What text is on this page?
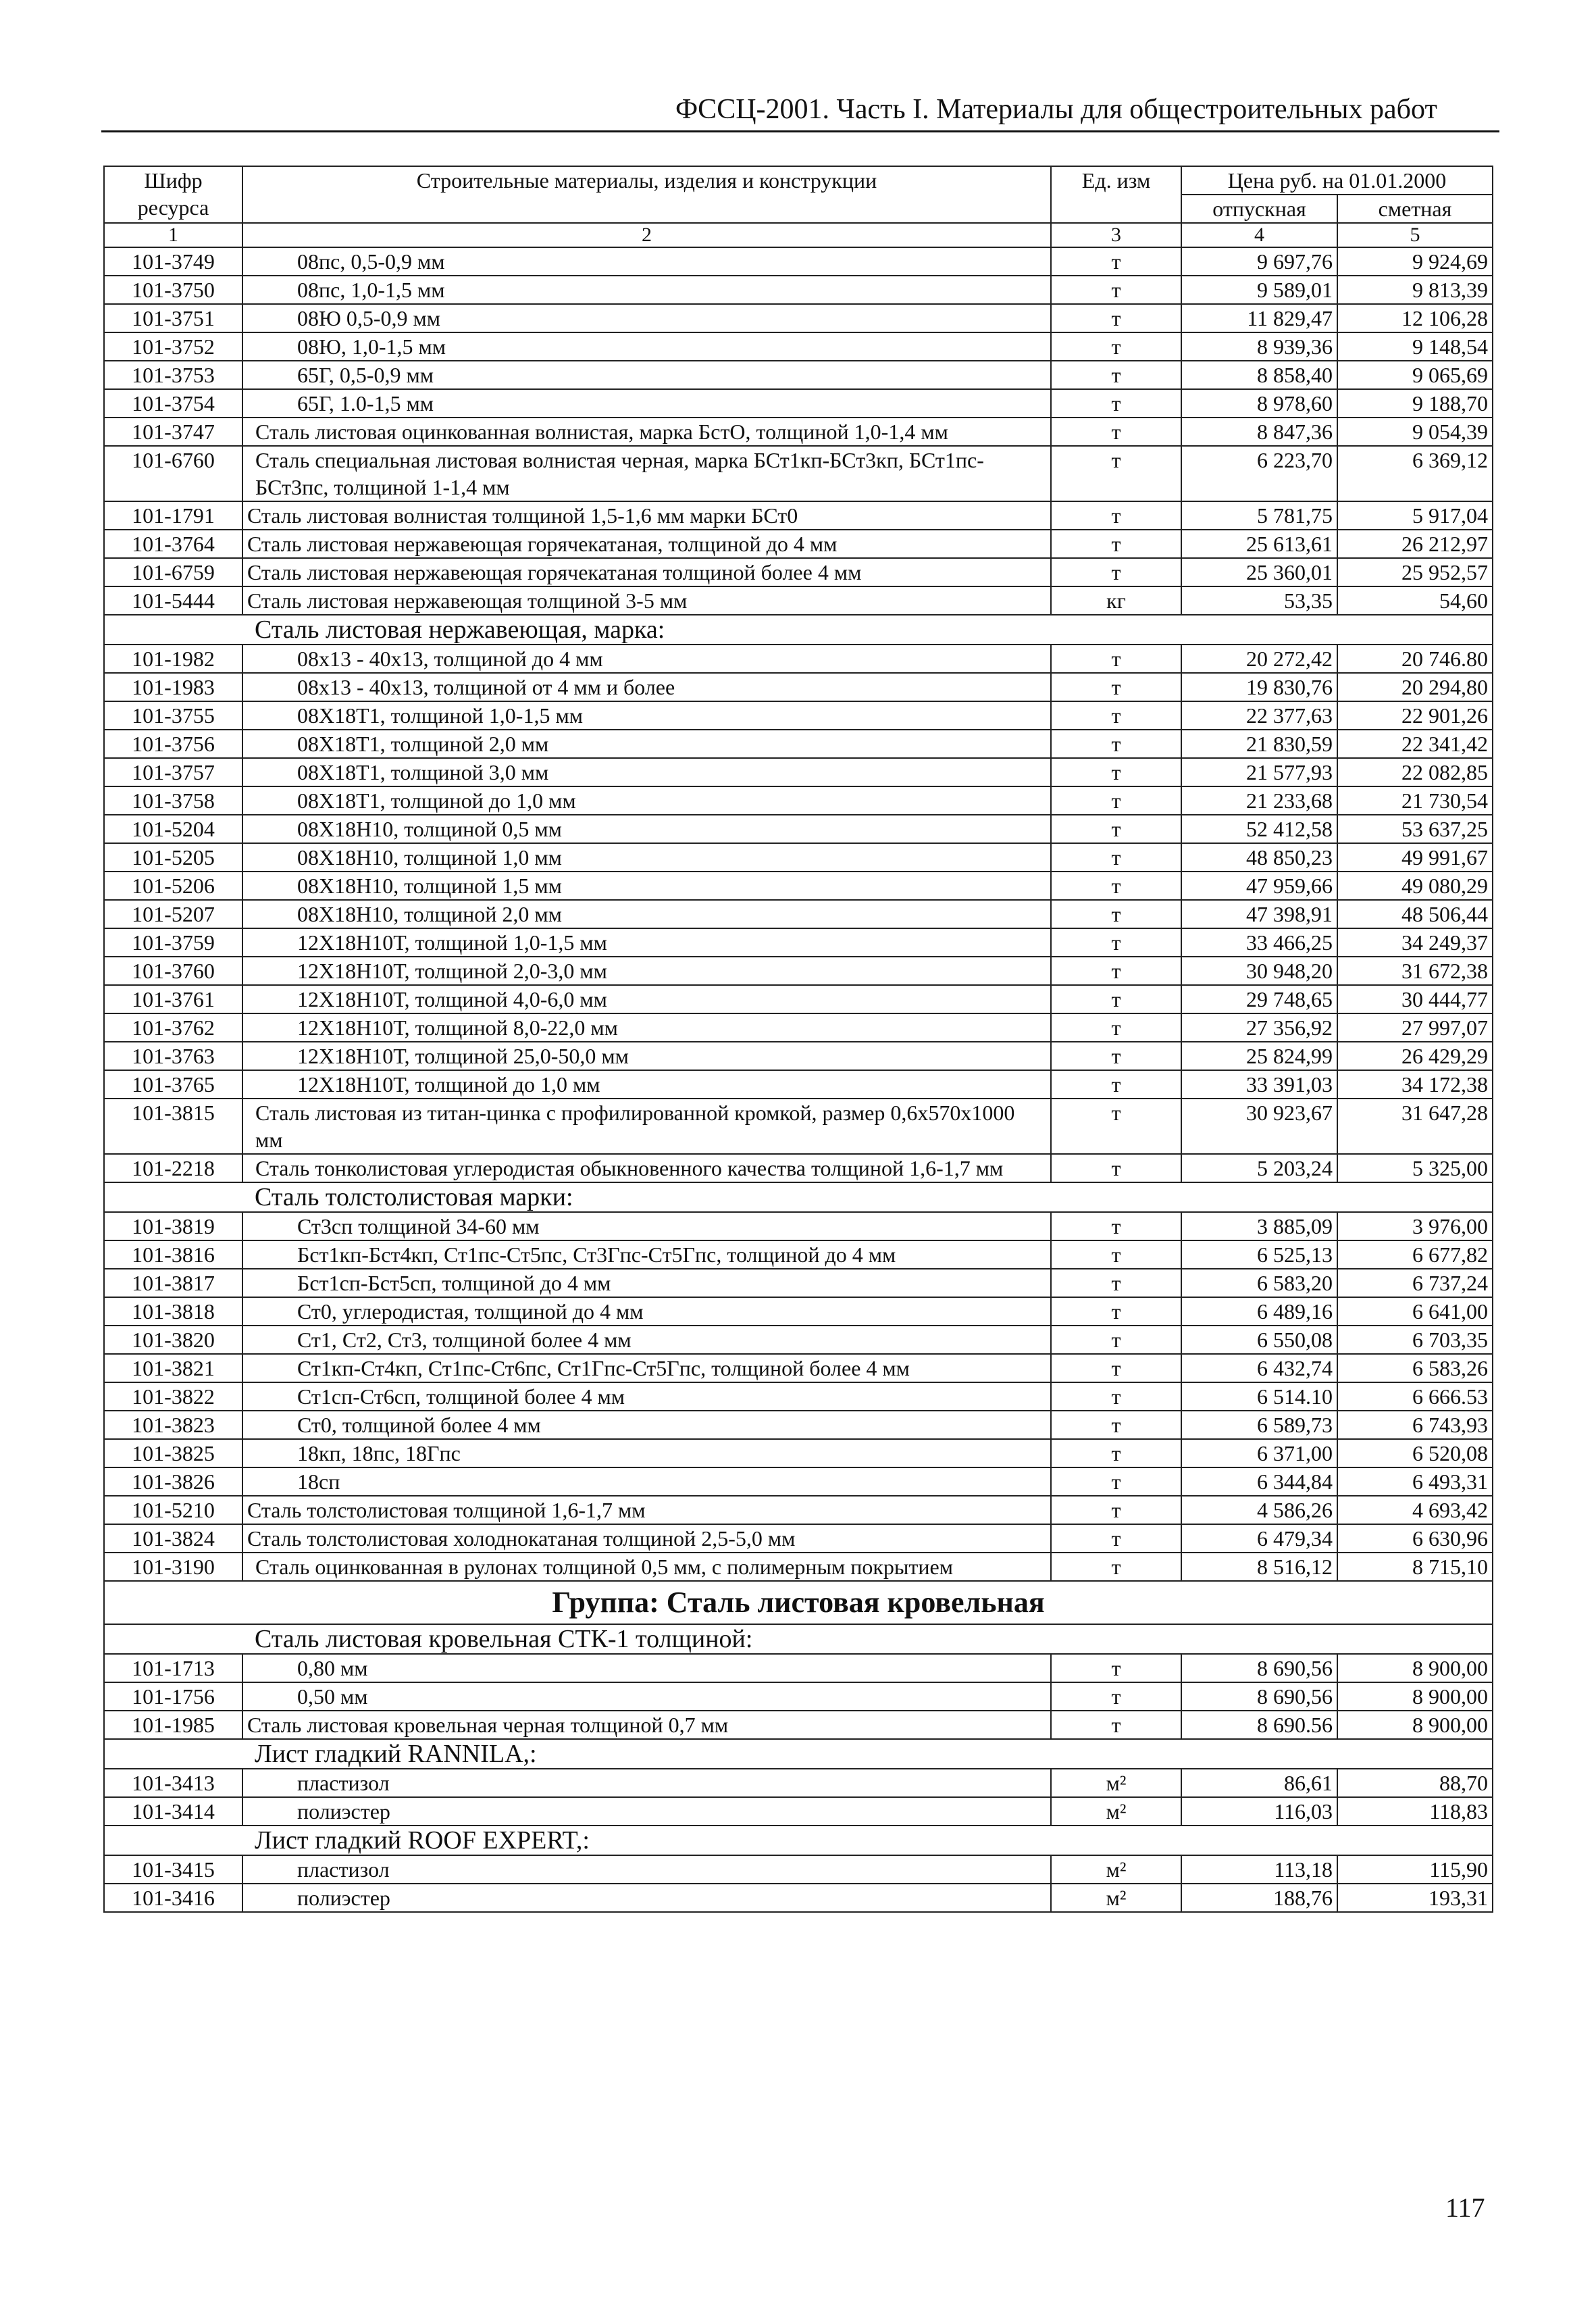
ФССЦ-2001. Часть I. Материалы для общестроительных работ
Шифр ресурса	Строительные материалы, изделия и конструкции	Ед. изм	Цена руб. на 01.01.2000	
			отпускная	сметная
1	2	3	4	5
101-3749	08пс, 0,5-0,9 мм	т	9 697,76	9 924,69
101-3750	08пс, 1,0-1,5 мм	т	9 589,01	9 813,39
101-3751	08Ю 0,5-0,9 мм	т	11 829,47	12 106,28
101-3752	08Ю, 1,0-1,5 мм	т	8 939,36	9 148,54
101-3753	65Г, 0,5-0,9 мм	т	8 858,40	9 065,69
101-3754	65Г, 1.0-1,5 мм	т	8 978,60	9 188,70
101-3747	Сталь листовая оцинкованная волнистая, марка БстО, толщиной 1,0-1,4 мм	т	8 847,36	9 054,39
101-6760	Сталь специальная листовая волнистая черная, марка БСт1кп-БСт3кп, БСт1пс-БСт3пс, толщиной 1-1,4 мм	т	6 223,70	6 369,12
101-1791	Сталь листовая волнистая толщиной 1,5-1,6 мм марки БСт0	т	5 781,75	5 917,04
101-3764	Сталь листовая нержавеющая горячекатаная, толщиной до 4 мм	т	25 613,61	26 212,97
101-6759	Сталь листовая нержавеющая горячекатаная толщиной более 4 мм	т	25 360,01	25 952,57
101-5444	Сталь листовая нержавеющая толщиной 3-5 мм	кг	53,35	54,60
Сталь листовая нержавеющая, марка:				
101-1982	08х13 - 40х13, толщиной до 4 мм	т	20 272,42	20 746.80
101-1983	08х13 - 40х13, толщиной от 4 мм и более	т	19 830,76	20 294,80
101-3755	08Х18Т1, толщиной 1,0-1,5 мм	т	22 377,63	22 901,26
101-3756	08Х18Т1, толщиной 2,0 мм	т	21 830,59	22 341,42
101-3757	08Х18Т1, толщиной 3,0 мм	т	21 577,93	22 082,85
101-3758	08Х18Т1, толщиной до 1,0 мм	т	21 233,68	21 730,54
101-5204	08Х18Н10, толщиной 0,5 мм	т	52 412,58	53 637,25
101-5205	08Х18Н10, толщиной 1,0 мм	т	48 850,23	49 991,67
101-5206	08Х18Н10, толщиной 1,5 мм	т	47 959,66	49 080,29
101-5207	08Х18Н10, толщиной 2,0 мм	т	47 398,91	48 506,44
101-3759	12Х18Н10Т, толщиной 1,0-1,5 мм	т	33 466,25	34 249,37
101-3760	12Х18Н10Т, толщиной 2,0-3,0 мм	т	30 948,20	31 672,38
101-3761	12Х18Н10Т, толщиной 4,0-6,0 мм	т	29 748,65	30 444,77
101-3762	12Х18Н10Т, толщиной 8,0-22,0 мм	т	27 356,92	27 997,07
101-3763	12Х18Н10Т, толщиной 25,0-50,0 мм	т	25 824,99	26 429,29
101-3765	12Х18Н10Т, толщиной до 1,0 мм	т	33 391,03	34 172,38
101-3815	Сталь листовая из титан-цинка с профилированной кромкой, размер 0,6x570x1000 мм	т	30 923,67	31 647,28
101-2218	Сталь тонколистовая углеродистая обыкновенного качества толщиной 1,6-1,7 мм	т	5 203,24	5 325,00
Сталь толстолистовая марки:				
101-3819	Ст3сп толщиной 34-60 мм	т	3 885,09	3 976,00
101-3816	Бст1кп-Бст4кп, Ст1пс-Ст5пс, Ст3Гпс-Ст5Гпс, толщиной до 4 мм	т	6 525,13	6 677,82
101-3817	Бст1сп-Бст5сп, толщиной до 4 мм	т	6 583,20	6 737,24
101-3818	Ст0, углеродистая, толщиной до 4 мм	т	6 489,16	6 641,00
101-3820	Ст1, Ст2, Ст3, толщиной более 4 мм	т	6 550,08	6 703,35
101-3821	Ст1кп-Ст4кп, Ст1пс-Ст6пс, Ст1Гпс-Ст5Гпс, толщиной более 4 мм	т	6 432,74	6 583,26
101-3822	Ст1сп-Ст6сп, толщиной более 4 мм	т	6 514.10	6 666.53
101-3823	Ст0, толщиной более 4 мм	т	6 589,73	6 743,93
101-3825	18кп, 18пс, 18Гпс	т	6 371,00	6 520,08
101-3826	18сп	т	6 344,84	6 493,31
101-5210	Сталь толстолистовая толщиной 1,6-1,7 мм	т	4 586,26	4 693,42
101-3824	Сталь толстолистовая холоднокатаная толщиной 2,5-5,0 мм	т	6 479,34	6 630,96
101-3190	Сталь оцинкованная в рулонах толщиной 0,5 мм, с полимерным покрытием	т	8 516,12	8 715,10
Группа: Сталь листовая кровельная				
Сталь листовая кровельная СТК-1 толщиной:				
101-1713	0,80 мм	т	8 690,56	8 900,00
101-1756	0,50 мм	т	8 690,56	8 900,00
101-1985	Сталь листовая кровельная черная толщиной 0,7 мм	т	8 690.56	8 900,00
Лист гладкий RANNILA,:				
101-3413	пластизол	м²	86,61	88,70
101-3414	полиэстер	м²	116,03	118,83
Лист гладкий ROOF EXPERT,:				
101-3415	пластизол	м²	113,18	115,90
101-3416	полиэстер	м²	188,76	193,31
117
